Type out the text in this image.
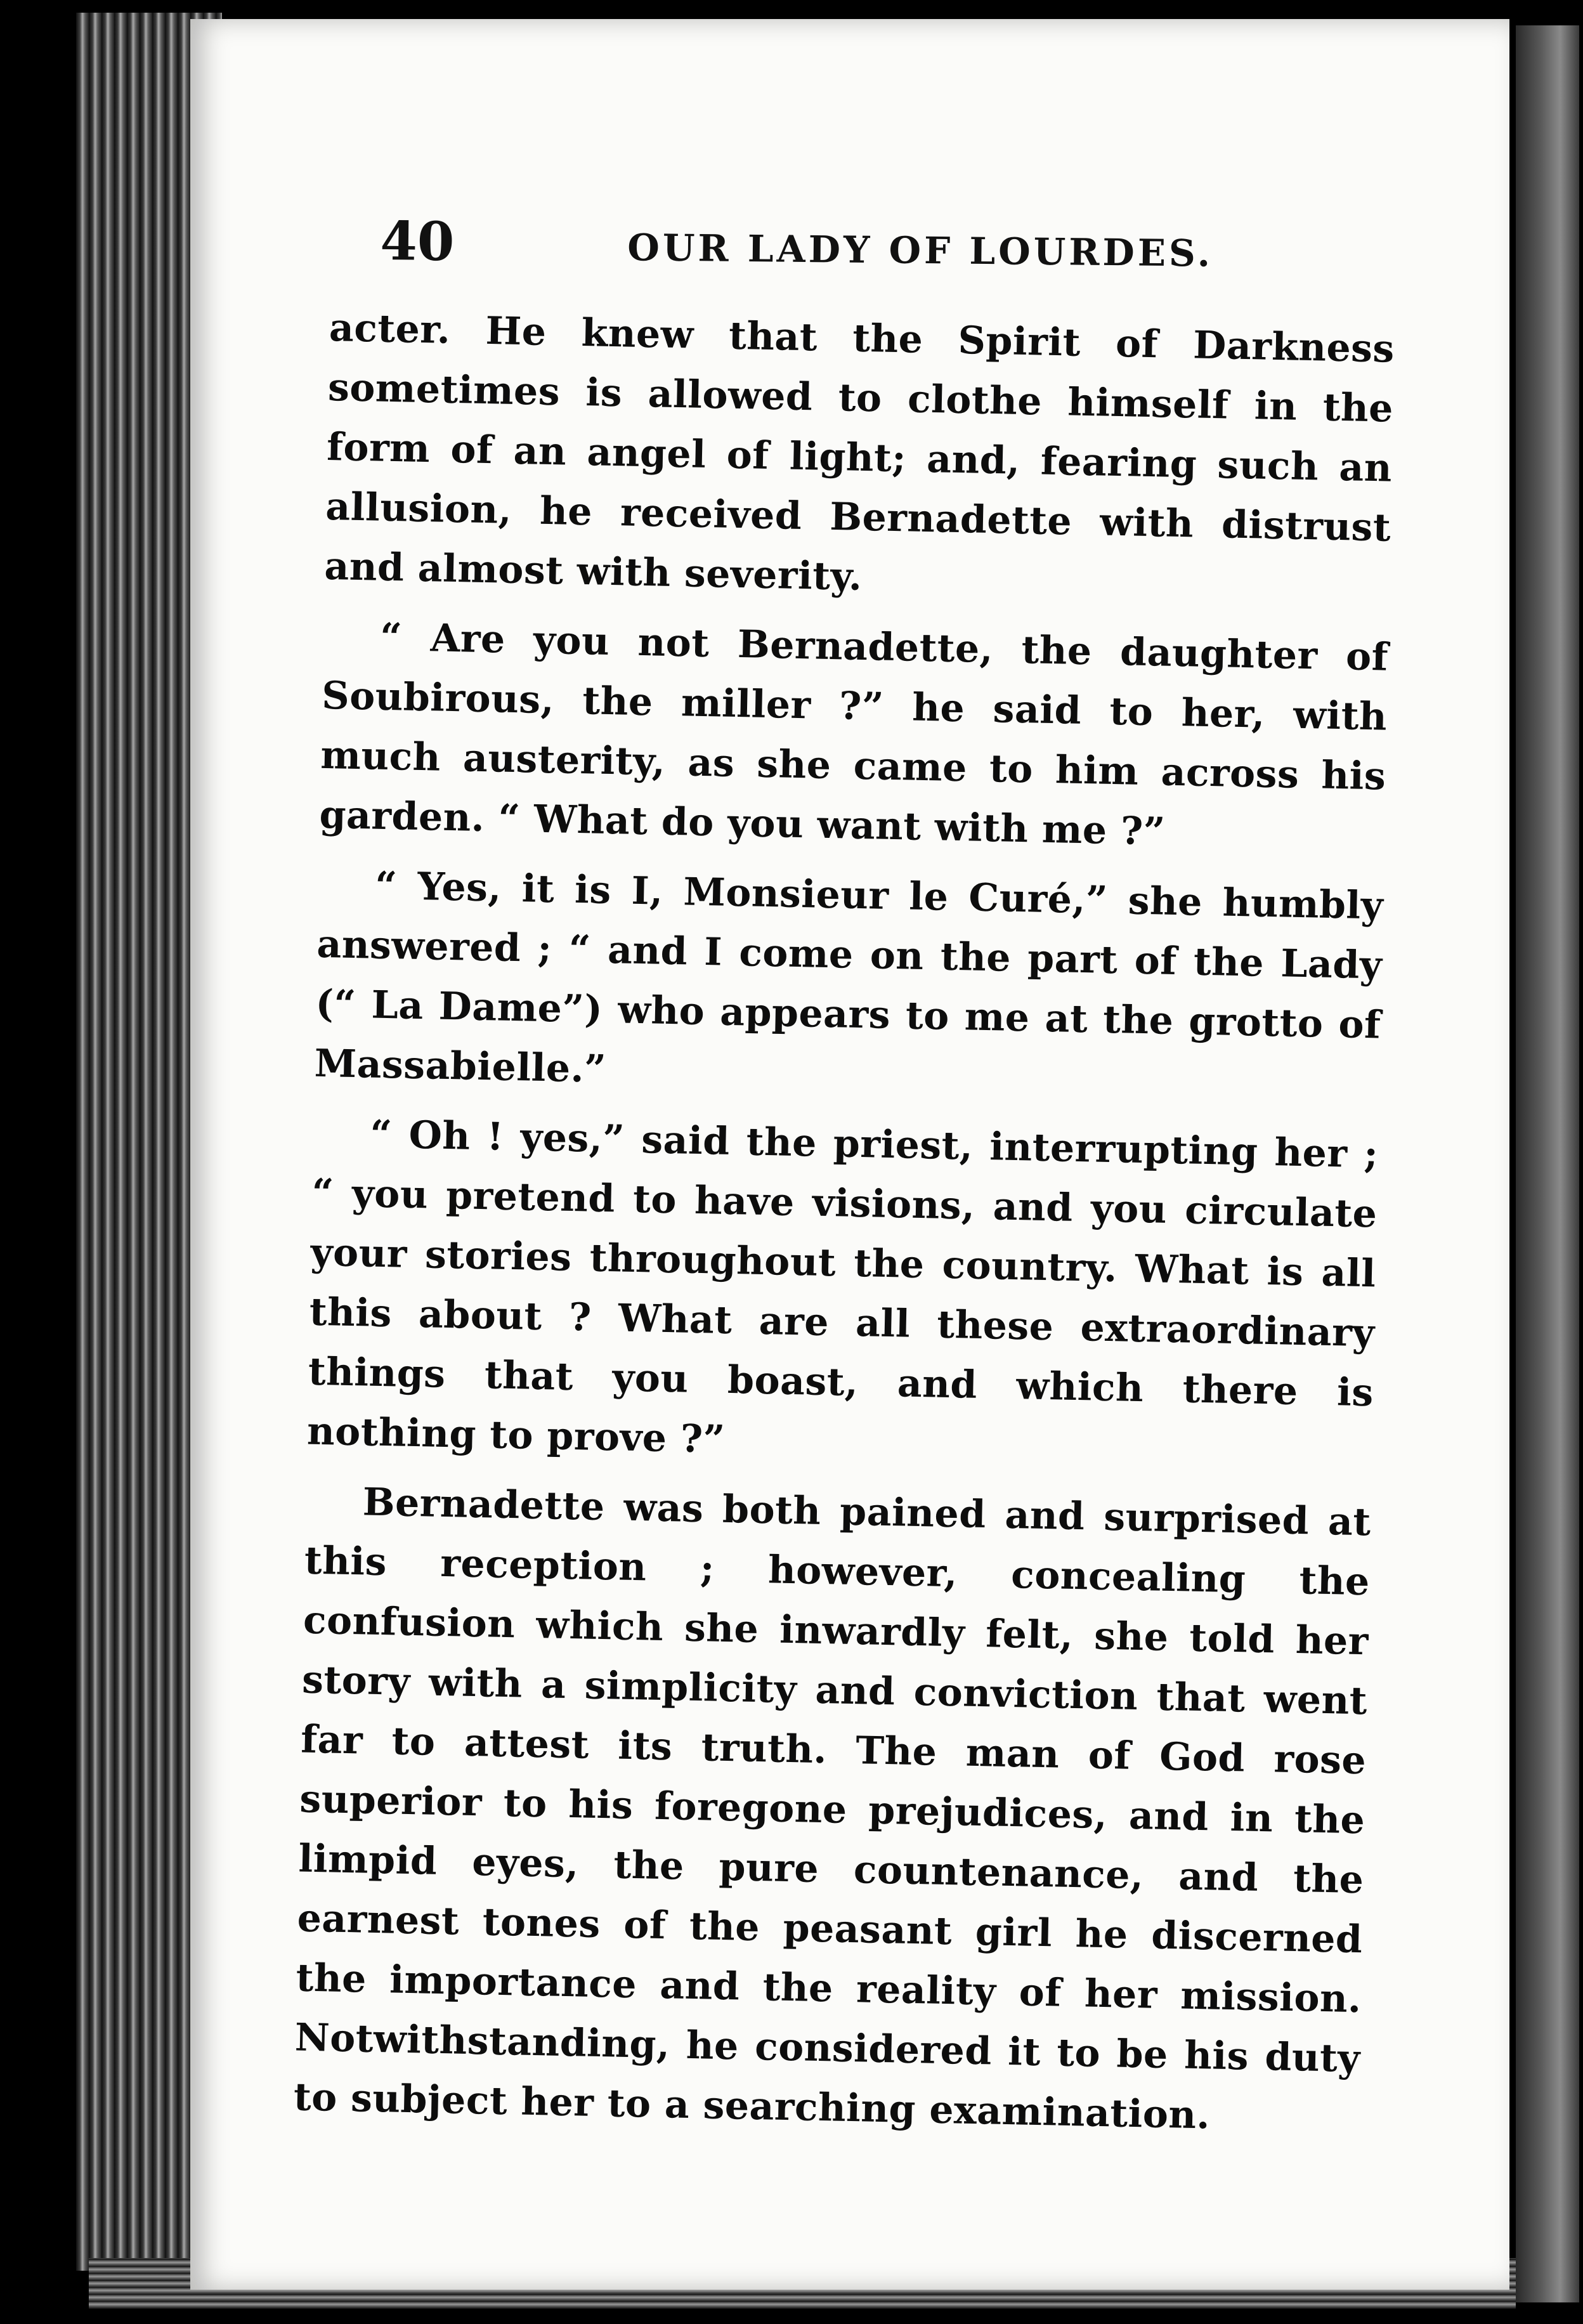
40	OUR LADY OF LOURDES.

acter. He knew that the Spirit of Darkness sometimes is allowed to clothe himself in the form of an angel of light; and, fearing such an allusion, he received Bernadette with distrust and almost with severity.

“ Are you not Bernadette, the daughter of Soubirous, the miller ?” he said to her, with much austerity, as she came to him across his garden. “ What do you want with me ?”

“ Yes, it is I, Monsieur le Curé,” she humbly answered ; “ and I come on the part of the Lady (“ La Dame”) who appears to me at the grotto of Massabielle.”

“ Oh ! yes,” said the priest, interrupting her ; “ you pretend to have visions, and you circulate your stories throughout the country. What is all this about ? What are all these extraordinary things that you boast, and which there is nothing to prove ?”

Bernadette was both pained and surprised at this reception ; however, concealing the confusion which she inwardly felt, she told her story with a simplicity and conviction that went far to attest its truth. The man of God rose superior to his foregone prejudices, and in the limpid eyes, the pure countenance, and the earnest tones of the peasant girl he discerned the importance and the reality of her mission. Notwithstanding, he considered it to be his duty to subject her to a searching examination.
